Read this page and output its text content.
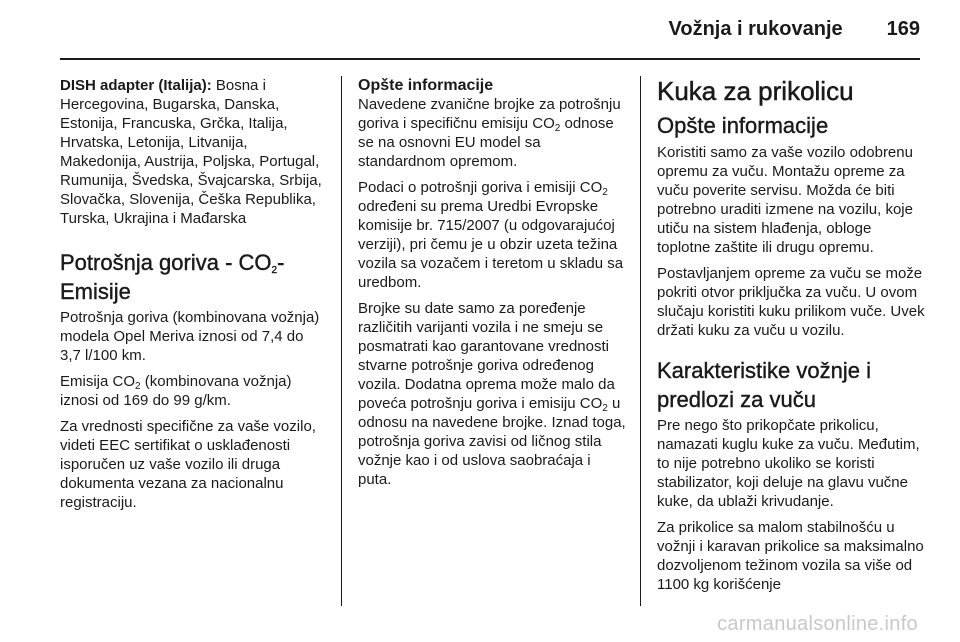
Vožnja i rukovanje 169

DISH adapter (Italija): Bosna i Hercegovina, Bugarska, Danska, Estonija, Francuska, Grčka, Italija, Hrvatska, Letonija, Litvanija, Makedonija, Austrija, Poljska, Portugal, Rumunija, Švedska, Švajcarska, Srbija, Slovačka, Slovenija, Češka Republika, Turska, Ukrajina i Mađarska

Potrošnja goriva - $CO_2$-Emisije

Potrošnja goriva (kombinovana vožnja) modela Opel Meriva iznosi od 7,4 do 3,7 l/100 km.

Emisija $CO_2$ (kombinovana vožnja) iznosi od 169 do 99 g/km.

Za vrednosti specifične za vaše vozilo, videti EEC sertifikat o usklađenosti isporučen uz vaše vozilo ili druga dokumenta vezana za nacionalnu registraciju.

Opšte informacije

Navedene zvanične brojke za potrošnju goriva i specifičnu emisiju $CO_2$ odnose se na osnovni EU model sa standardnom opremom.

Podaci o potrošnji goriva i emisiji $CO_2$ određeni su prema Uredbi Evropske komisije br. 715/2007 (u odgovarajućoj verziji), pri čemu je u obzir uzeta težina vozila sa vozačem i teretom u skladu sa uredbom.

Brojke su date samo za poređenje različitih varijanti vozila i ne smeju se posmatrati kao garantovane vrednosti stvarne potrošnje goriva određenog vozila. Dodatna oprema može malo da poveća potrošnju goriva i emisiju $CO_2$ u odnosu na navedene brojke. Iznad toga, potrošnja goriva zavisi od ličnog stila vožnje kao i od uslova saobraćaja i puta.

Kuka za prikolicu
Opšte informacije

Koristiti samo za vaše vozilo odobrenu opremu za vuču. Montažu opreme za vuču poverite servisu. Možda će biti potrebno uraditi izmene na vozilu, koje utiču na sistem hlađenja, obloge toplotne zaštite ili drugu opremu.

Postavljanjem opreme za vuču se može pokriti otvor priključka za vuču. U ovom slučaju koristiti kuku prilikom vuče. Uvek držati kuku za vuču u vozilu.

Karakteristike vožnje i predlozi za vuču

Pre nego što prikopčate prikolicu, namazati kuglu kuke za vuču. Međutim, to nije potrebno ukoliko se koristi stabilizator, koji deluje na glavu vučne kuke, da ublaži krivudanje.

Za prikolice sa malom stabilnošću u vožnji i karavan prikolice sa maksimalno dozvoljenom težinom vozila sa više od 1100 kg korišćenje

carmanualsonline.info
